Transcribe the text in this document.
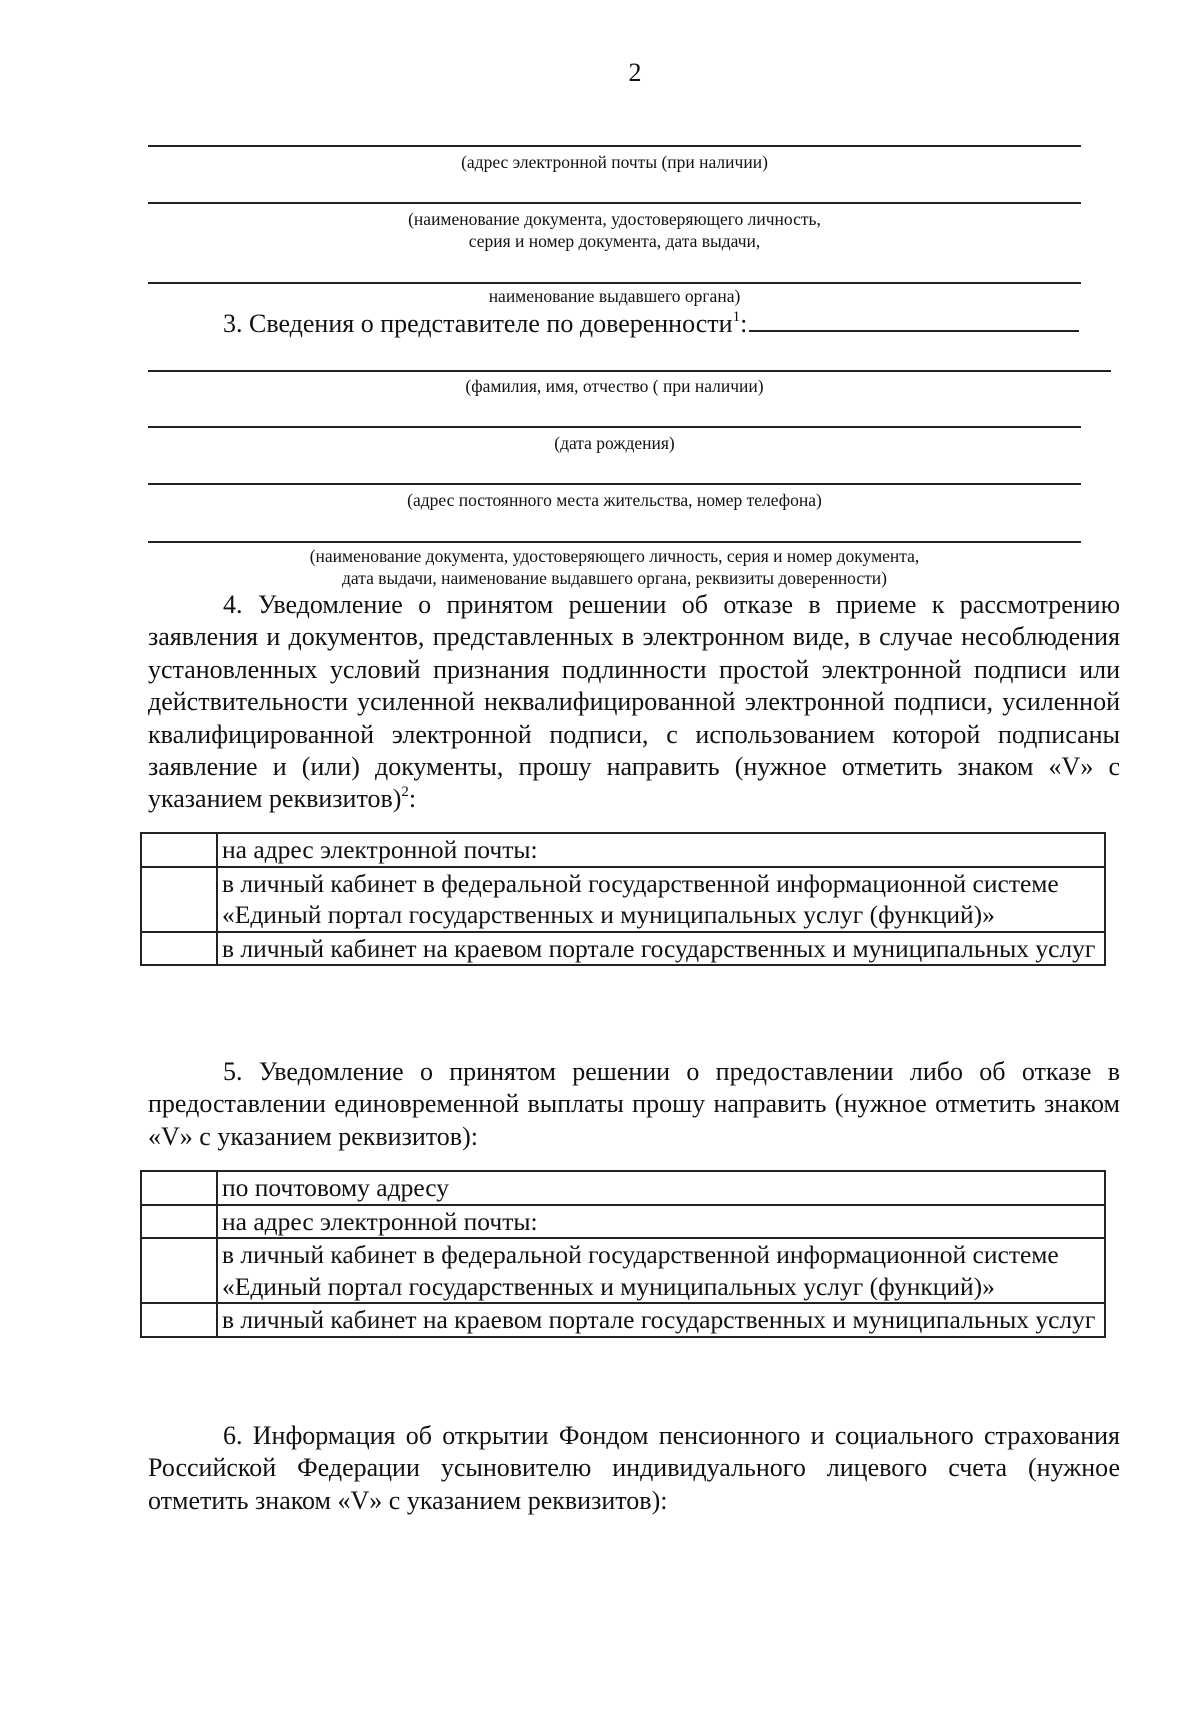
2
(адрес электронной почты (при наличии)
(наименование документа, удостоверяющего личность,
серия и номер документа, дата выдачи,
наименование выдавшего органа)
3. Сведения о представителе по доверенности$^1$:
(фамилия, имя, отчество ( при наличии)
(дата рождения)
(адрес постоянного места жительства, номер телефона)
(наименование документа, удостоверяющего личность, серия и номер документа,
дата выдачи, наименование выдавшего органа, реквизиты доверенности)

4. Уведомление о принятом решении об отказе в приеме к рассмотрению заявления и документов, представленных в электронном виде, в случае несоблюдения установленных условий признания подлинности простой электронной подписи или действительности усиленной неквалифицированной электронной подписи, усиленной квалифицированной электронной подписи, с использованием которой подписаны заявление и (или) документы, прошу направить (нужное отметить знаком «V» с указанием реквизитов)$^2$:

	на адрес электронной почты:
	в личный кабинет в федеральной государственной информационной системе «Единый портал государственных и муниципальных услуг (функций)»
	в личный кабинет на краевом портале государственных и муниципальных услуг

5. Уведомление о принятом решении о предоставлении либо об отказе в предоставлении единовременной выплаты прошу направить (нужное отметить знаком «V» с указанием реквизитов):

	по почтовому адресу
	на адрес электронной почты:
	в личный кабинет в федеральной государственной информационной системе «Единый портал государственных и муниципальных услуг (функций)»
	в личный кабинет на краевом портале государственных и муниципальных услуг

6. Информация об открытии Фондом пенсионного и социального страхования Российской Федерации усыновителю индивидуального лицевого счета (нужное отметить знаком «V» с указанием реквизитов):
